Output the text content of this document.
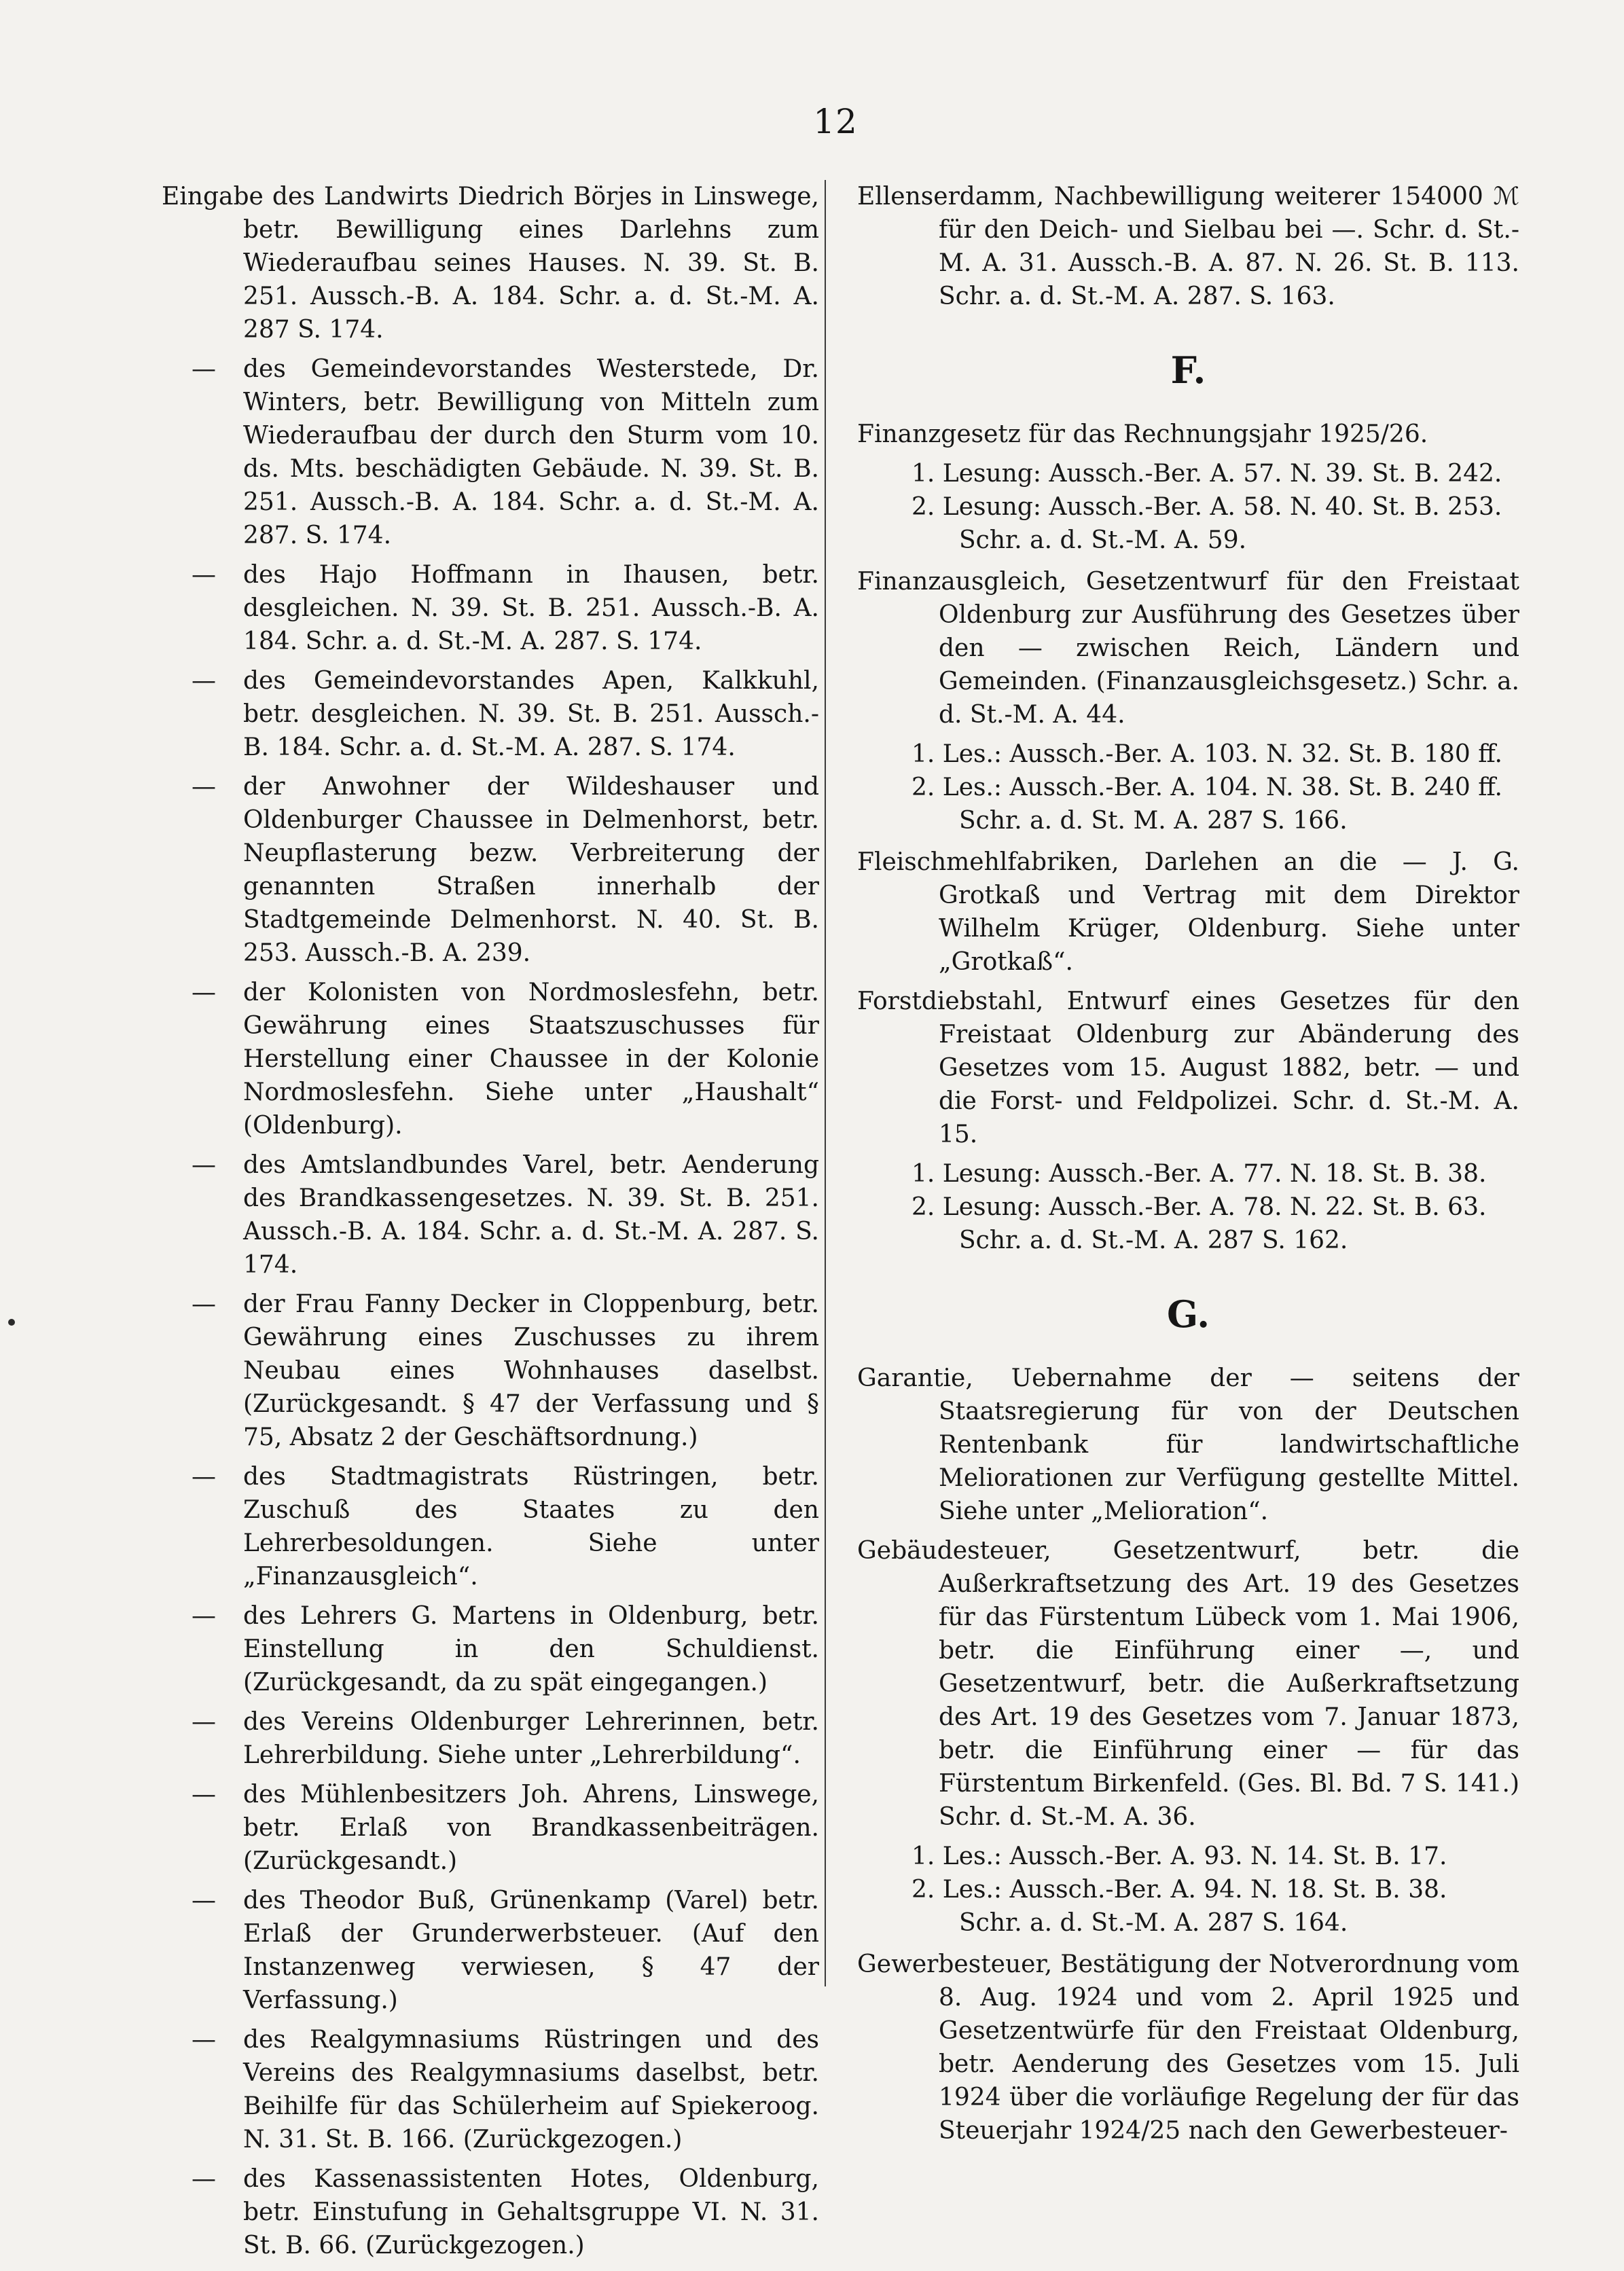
12

Eingabe des Landwirts Diedrich Börjes in Linswege, betr. Bewilligung eines Darlehns zum Wiederaufbau seines Hauses. N. 39. St. B. 251. Aussch.-B. A. 184. Schr. a. d. St.-M. A. 287 S. 174.

—	des Gemeindevorstandes Westerstede, Dr. Winters, betr. Bewilligung von Mitteln zum Wiederaufbau der durch den Sturm vom 10. ds. Mts. beschädigten Gebäude. N. 39. St. B. 251. Aussch.-B. A. 184. Schr. a. d. St.-M. A. 287. S. 174.

—	des Hajo Hoffmann in Ihausen, betr. desgleichen. N. 39. St. B. 251. Aussch.-B. A. 184. Schr. a. d. St.-M. A. 287. S. 174.

—	des Gemeindevorstandes Apen, Kalkkuhl, betr. desgleichen. N. 39. St. B. 251. Aussch.-B. 184. Schr. a. d. St.-M. A. 287. S. 174.

—	der Anwohner der Wildeshauser und Oldenburger Chaussee in Delmenhorst, betr. Neupflasterung bezw. Verbreiterung der genannten Straßen innerhalb der Stadtgemeinde Delmenhorst. N. 40. St. B. 253. Aussch.-B. A. 239.

—	der Kolonisten von Nordmoslesfehn, betr. Gewährung eines Staatszuschusses für Herstellung einer Chaussee in der Kolonie Nordmoslesfehn. Siehe unter „Haushalt“ (Oldenburg).

—	des Amtslandbundes Varel, betr. Aenderung des Brandkassengesetzes. N. 39. St. B. 251. Aussch.-B. A. 184. Schr. a. d. St.-M. A. 287. S. 174.

—	der Frau Fanny Decker in Cloppenburg, betr. Gewährung eines Zuschusses zu ihrem Neubau eines Wohnhauses daselbst. (Zurückgesandt. § 47 der Verfassung und § 75, Absatz 2 der Geschäftsordnung.)

—	des Stadtmagistrats Rüstringen, betr. Zuschuß des Staates zu den Lehrerbesoldungen. Siehe unter „Finanzausgleich“.

—	des Lehrers G. Martens in Oldenburg, betr. Einstellung in den Schuldienst. (Zurückgesandt, da zu spät eingegangen.)

—	des Vereins Oldenburger Lehrerinnen, betr. Lehrerbildung. Siehe unter „Lehrerbildung“.

—	des Mühlenbesitzers Joh. Ahrens, Linswege, betr. Erlaß von Brandkassenbeiträgen. (Zurückgesandt.)

—	des Theodor Buß, Grünenkamp (Varel) betr. Erlaß der Grunderwerbsteuer. (Auf den Instanzenweg verwiesen, § 47 der Verfassung.)

—	des Realgymnasiums Rüstringen und des Vereins des Realgymnasiums daselbst, betr. Beihilfe für das Schülerheim auf Spiekeroog. N. 31. St. B. 166. (Zurückgezogen.)

—	des Kassenassistenten Hotes, Oldenburg, betr. Einstufung in Gehaltsgruppe VI. N. 31. St. B. 66. (Zurückgezogen.)

Ellenserdamm, Nachbewilligung weiterer 154000 ℳ für den Deich- und Sielbau bei —. Schr. d. St.-M. A. 31. Aussch.-B. A. 87. N. 26. St. B. 113. Schr. a. d. St.-M. A. 287. S. 163.

F.

Finanzgesetz für das Rechnungsjahr 1925/26.

1. Lesung: Aussch.-Ber. A. 57. N. 39. St. B. 242.
2. Lesung: Aussch.-Ber. A. 58. N. 40. St. B. 253.
Schr. a. d. St.-M. A. 59.

Finanzausgleich, Gesetzentwurf für den Freistaat Oldenburg zur Ausführung des Gesetzes über den — zwischen Reich, Ländern und Gemeinden. (Finanzausgleichsgesetz.) Schr. a. d. St.-M. A. 44.

1. Les.: Aussch.-Ber. A. 103. N. 32. St. B. 180 ff.
2. Les.: Aussch.-Ber. A. 104. N. 38. St. B. 240 ff.
Schr. a. d. St. M. A. 287 S. 166.

Fleischmehlfabriken, Darlehen an die — J. G. Grotkaß und Vertrag mit dem Direktor Wilhelm Krüger, Oldenburg. Siehe unter „Grotkaß“.

Forstdiebstahl, Entwurf eines Gesetzes für den Freistaat Oldenburg zur Abänderung des Gesetzes vom 15. August 1882, betr. — und die Forst- und Feldpolizei. Schr. d. St.-M. A. 15.

1. Lesung: Aussch.-Ber. A. 77. N. 18. St. B. 38.
2. Lesung: Aussch.-Ber. A. 78. N. 22. St. B. 63.
Schr. a. d. St.-M. A. 287 S. 162.
G.

Garantie, Uebernahme der — seitens der Staatsregierung für von der Deutschen Rentenbank für landwirtschaftliche Meliorationen zur Verfügung gestellte Mittel. Siehe unter „Melioration“.

Gebäudesteuer, Gesetzentwurf, betr. die Außerkraftsetzung des Art. 19 des Gesetzes für das Fürstentum Lübeck vom 1. Mai 1906, betr. die Einführung einer —, und Gesetzentwurf, betr. die Außerkraftsetzung des Art. 19 des Gesetzes vom 7. Januar 1873, betr. die Einführung einer — für das Fürstentum Birkenfeld. (Ges. Bl. Bd. 7 S. 141.) Schr. d. St.-M. A. 36.

1. Les.: Aussch.-Ber. A. 93. N. 14. St. B. 17.
2. Les.: Aussch.-Ber. A. 94. N. 18. St. B. 38.
Schr. a. d. St.-M. A. 287 S. 164.

Gewerbesteuer, Bestätigung der Notverordnung vom 8. Aug. 1924 und vom 2. April 1925 und Gesetzentwürfe für den Freistaat Oldenburg, betr. Aenderung des Gesetzes vom 15. Juli 1924 über die vorläufige Regelung der für das Steuerjahr 1924/25 nach den Gewerbesteuer-
